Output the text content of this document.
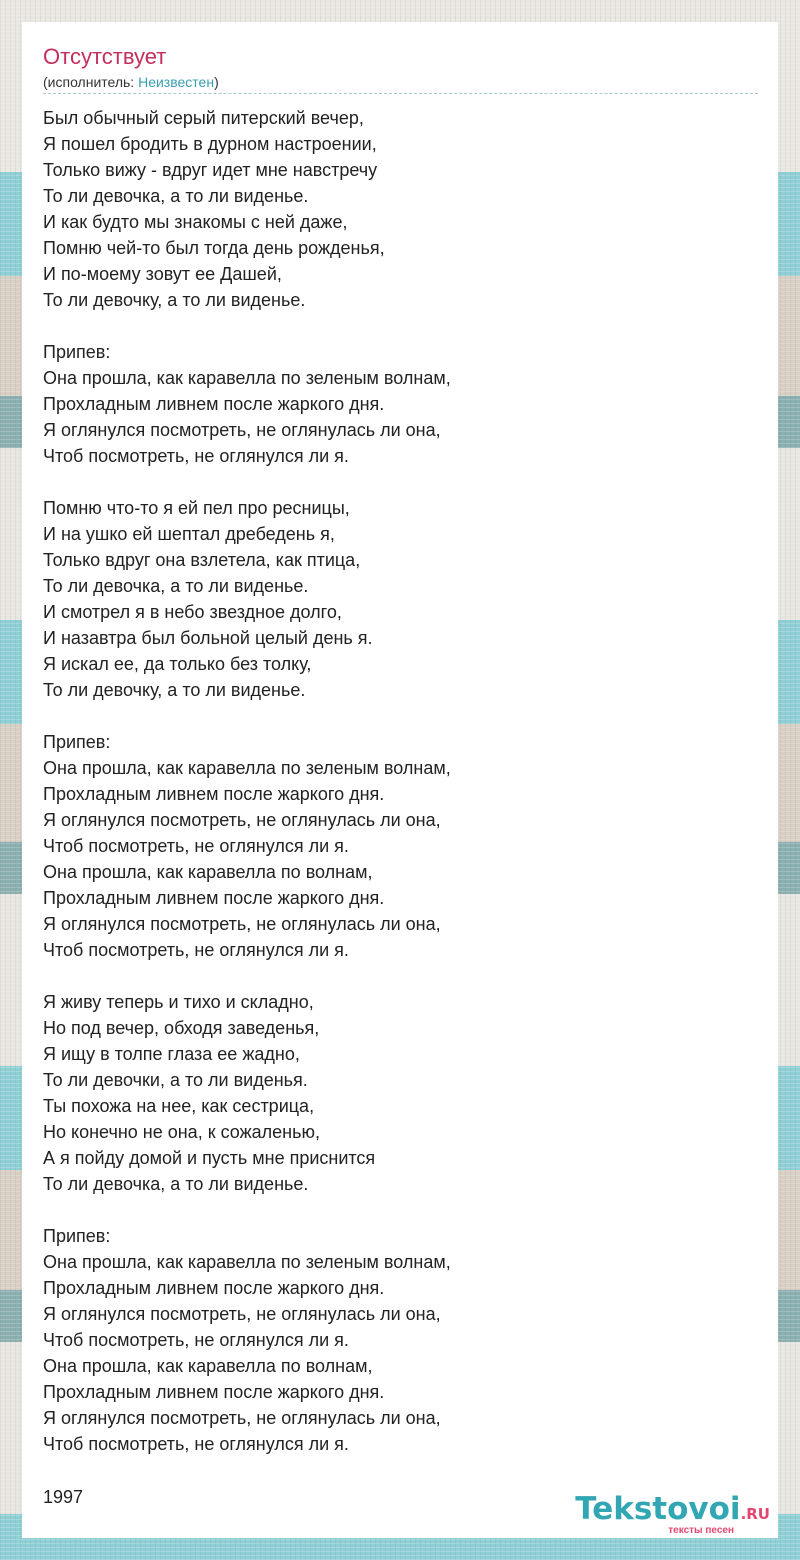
Отсутствует
(исполнитель: Неизвестен)
Был обычный серый питерский вечер,
Я пошел бродить в дурном настроении,
Только вижу - вдруг идет мне навстречу
То ли девочка, а то ли виденье.
И как будто мы знакомы с ней даже,
Помню чей-то был тогда день рожденья,
И по-моему зовут ее Дашей,
То ли девочку, а то ли виденье.
Припев:
Она прошла, как каравелла по зеленым волнам,
Прохладным ливнем после жаркого дня.
Я оглянулся посмотреть, не оглянулась ли она,
Чтоб посмотреть, не оглянулся ли я.
Помню что-то я ей пел про ресницы,
И на ушко ей шептал дребедень я,
Только вдруг она взлетела, как птица,
То ли девочка, а то ли виденье.
И смотрел я в небо звездное долго,
И назавтра был больной целый день я.
Я искал ее, да только без толку,
То ли девочку, а то ли виденье.
Припев:
Она прошла, как каравелла по зеленым волнам,
Прохладным ливнем после жаркого дня.
Я оглянулся посмотреть, не оглянулась ли она,
Чтоб посмотреть, не оглянулся ли я.
Она прошла, как каравелла по волнам,
Прохладным ливнем после жаркого дня.
Я оглянулся посмотреть, не оглянулась ли она,
Чтоб посмотреть, не оглянулся ли я.
Я живу теперь и тихо и складно,
Но под вечер, обходя заведенья,
Я ищу в толпе глаза ее жадно,
То ли девочки, а то ли виденья.
Ты похожа на нее, как сестрица,
Но конечно не она, к сожаленью,
А я пойду домой и пусть мне приснится
То ли девочка, а то ли виденье.
Припев:
Она прошла, как каравелла по зеленым волнам,
Прохладным ливнем после жаркого дня.
Я оглянулся посмотреть, не оглянулась ли она,
Чтоб посмотреть, не оглянулся ли я.
Она прошла, как каравелла по волнам,
Прохладным ливнем после жаркого дня.
Я оглянулся посмотреть, не оглянулась ли она,
Чтоб посмотреть, не оглянулся ли я.
1997	Tekstovoi.RU
тексты песен
